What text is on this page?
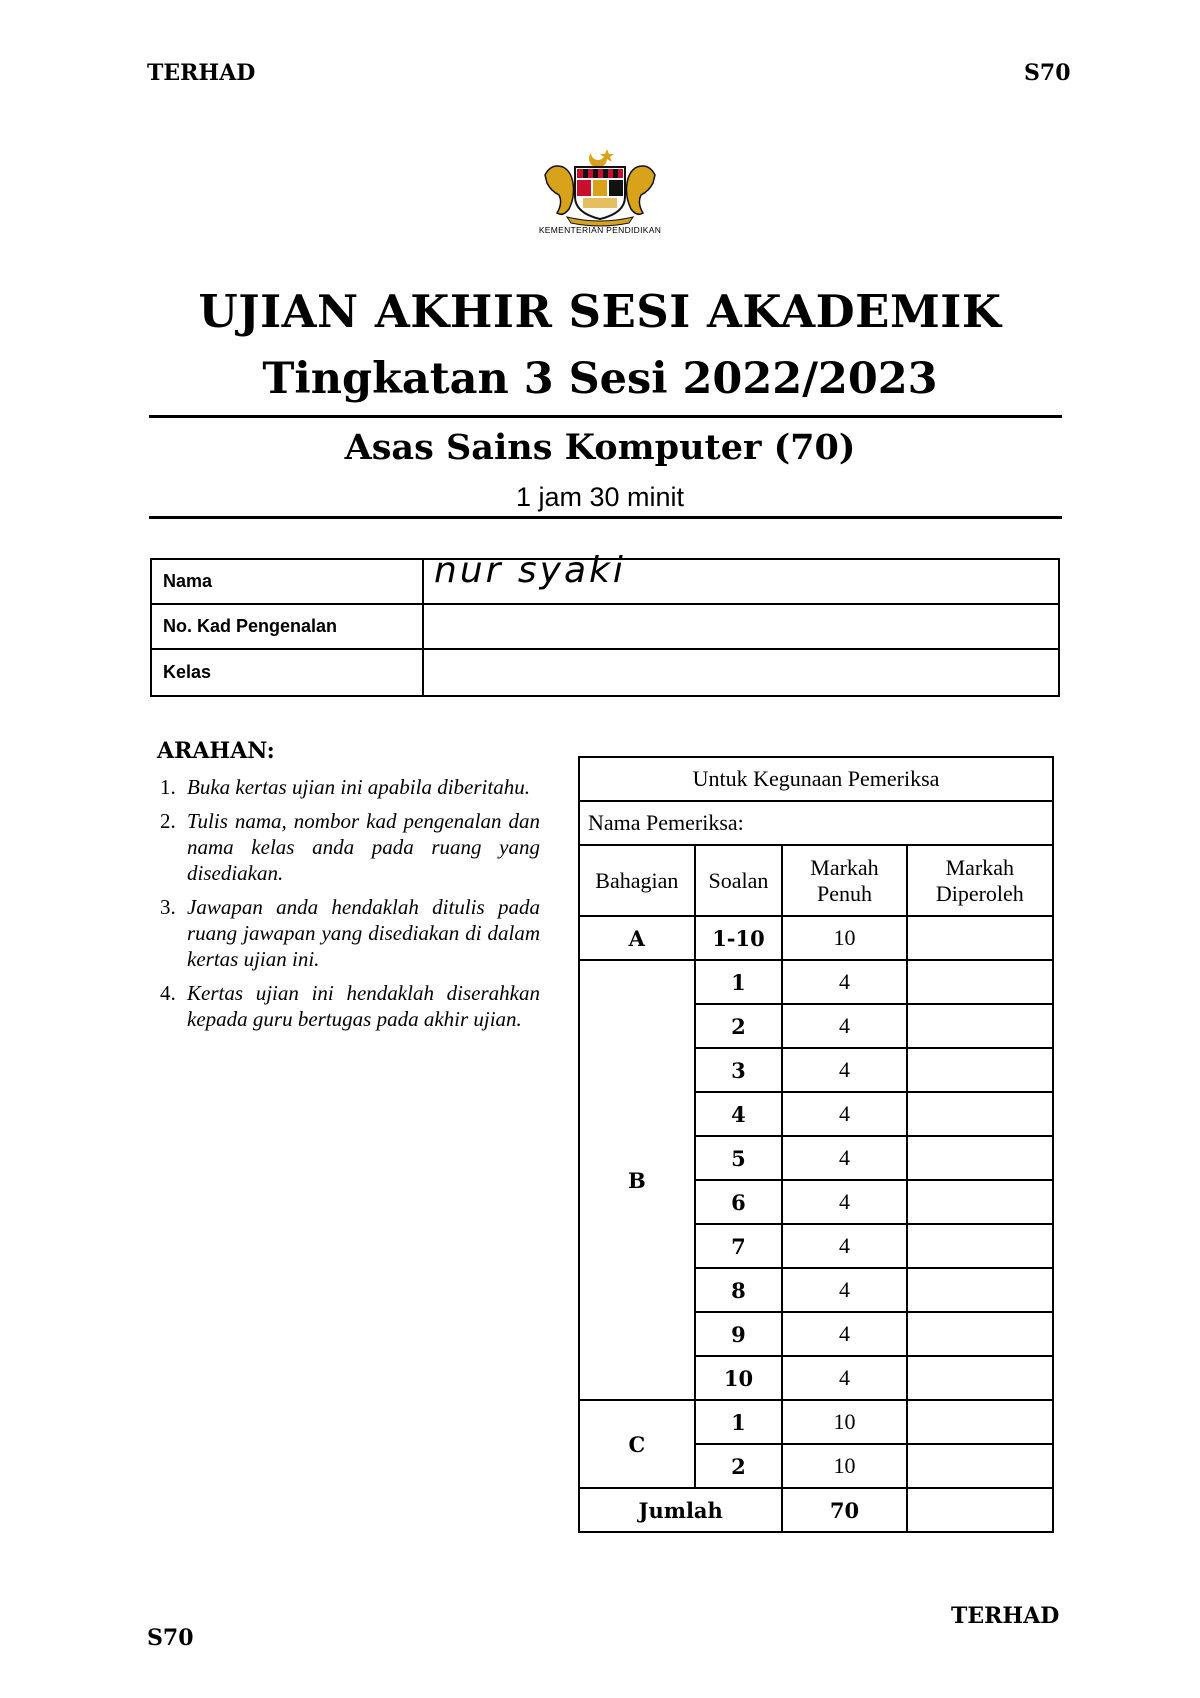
TERHAD	S70
S70
TERHAD
KEMENTERIAN PENDIDIKAN
UJIAN AKHIR SESI AKADEMIK
Tingkatan 3 Sesi 2022/2023
Asas Sains Komputer (70)
1 jam 30 minit
Nama	nur syaki
No. Kad Pengenalan
Kelas
ARAHAN:
1. Buka kertas ujian ini apabila diberitahu.
2. Tulis nama, nombor kad pengenalan dan nama kelas anda pada ruang yang disediakan.
3. Jawapan anda hendaklah ditulis pada ruang jawapan yang disediakan di dalam kertas ujian ini.
4. Kertas ujian ini hendaklah diserahkan kepada guru bertugas pada akhir ujian.
Untuk Kegunaan Pemeriksa			
Nama Pemeriksa:			
Bahagian	Soalan	Markah Penuh	Markah Diperoleh
A	1-10	10	
B	1	4	
	2	4	
	3	4	
	4	4	
	5	4	
	6	4	
	7	4	
	8	4	
	9	4	
	10	4	
C	1	10	
	2	10	
Jumlah		70	
